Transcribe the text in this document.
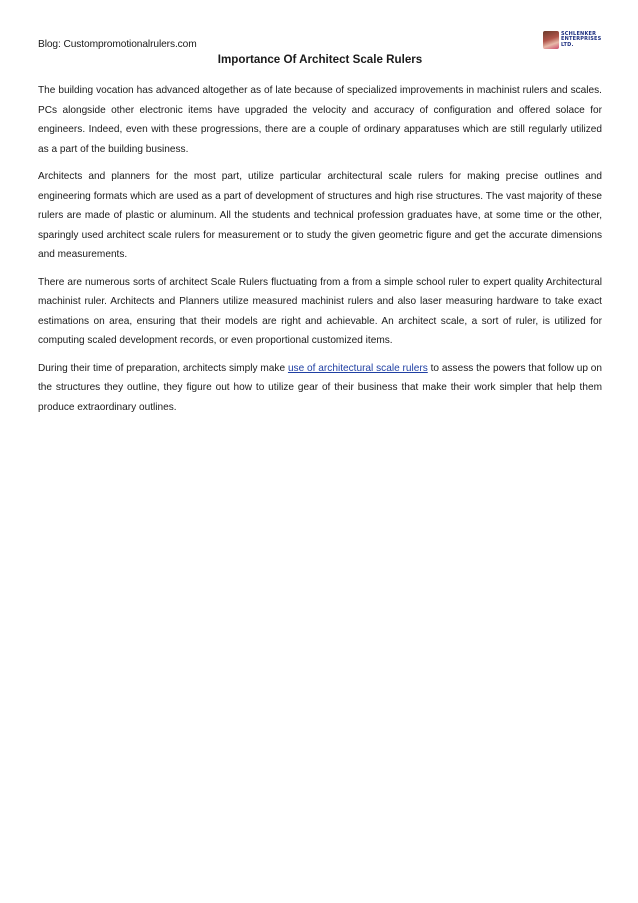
Blog: Custompromotionalrulers.com
SCHLENKER
ENTERPRISES
LTD.
Importance Of Architect Scale Rulers

The building vocation has advanced altogether as of late because of specialized improvements in machinist rulers and scales. PCs alongside other electronic items have upgraded the velocity and accuracy of configuration and offered solace for engineers. Indeed, even with these progressions, there are a couple of ordinary apparatuses which are still regularly utilized as a part of the building business.

Architects and planners for the most part, utilize particular architectural scale rulers for making precise outlines and engineering formats which are used as a part of development of structures and high rise structures. The vast majority of these rulers are made of plastic or aluminum. All the students and technical profession graduates have, at some time or the other, sparingly used architect scale rulers for measurement or to study the given geometric figure and get the accurate dimensions and measurements.

There are numerous sorts of architect Scale Rulers fluctuating from a from a simple school ruler to expert quality Architectural machinist ruler. Architects and Planners utilize measured machinist rulers and also laser measuring hardware to take exact estimations on area, ensuring that their models are right and achievable. An architect scale, a sort of ruler, is utilized for computing scaled development records, or even proportional customized items.

During their time of preparation, architects simply make use of architectural scale rulers to assess the powers that follow up on the structures they outline, they figure out how to utilize gear of their business that make their work simpler that help them produce extraordinary outlines.
